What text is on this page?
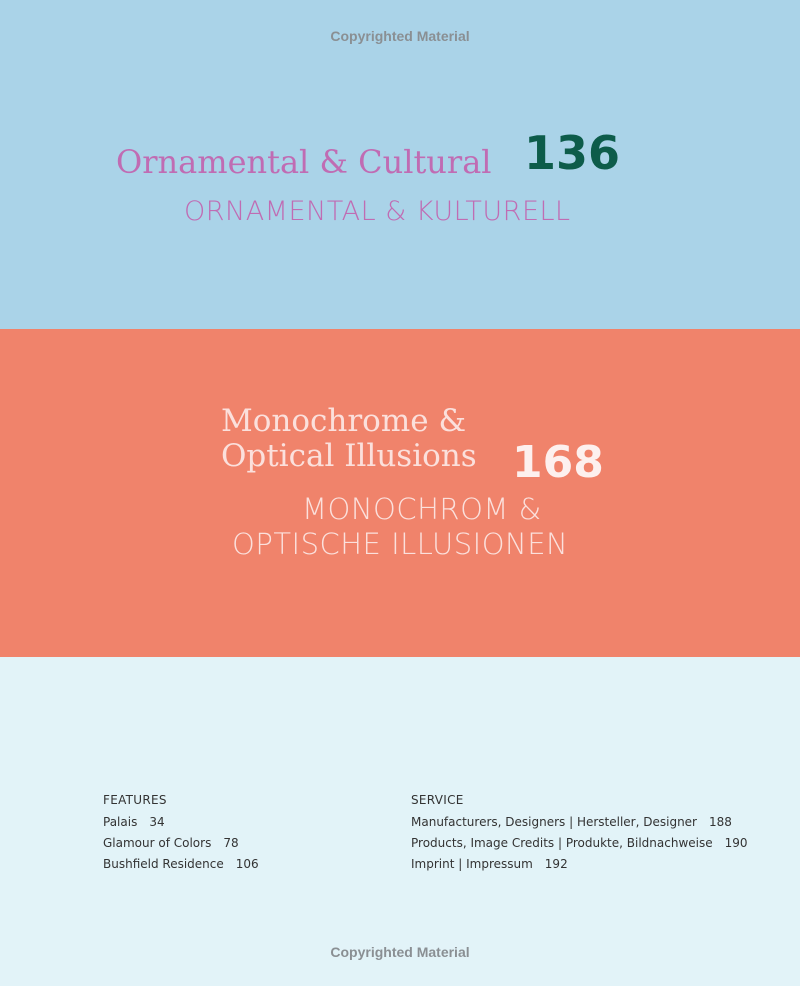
Copyrighted Material
Ornamental & Cultural 136
ORNAMENTAL & KULTURELL
Monochrome &
Optical Illusions 168
MONOCHROM &
OPTISCHE ILLUSIONEN
FEATURES
Palais 34
Glamour of Colors 78
Bushfield Residence 106
SERVICE
Manufacturers, Designers | Hersteller, Designer 188
Products, Image Credits | Produkte, Bildnachweise 190
Imprint | Impressum 192
Copyrighted Material
